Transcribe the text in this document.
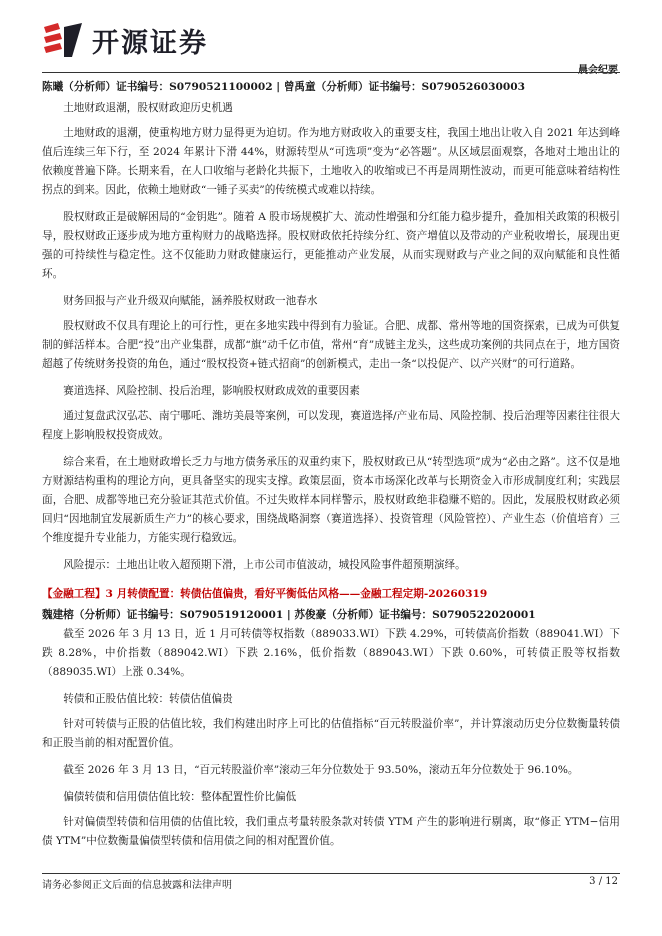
开源证券
晨会纪要

陈曦（分析师）证书编号：S0790521100002 | 曾禹童（分析师）证书编号：S0790526030003

土地财政退潮，股权财政迎历史机遇

土地财政的退潮，使重构地方财力显得更为迫切。作为地方财政收入的重要支柱，我国土地出让收入自 2021 年达到峰值后连续三年下行，至 2024 年累计下滑 44%，财源转型从“可选项”变为“必答题”。从区域层面观察，各地对土地出让的依赖度普遍下降。长期来看，在人口收缩与老龄化共振下，土地收入的收缩或已不再是周期性波动，而更可能意味着结构性拐点的到来。因此，依赖土地财政“一锤子买卖”的传统模式或难以持续。

股权财政正是破解困局的“金钥匙”。随着 A 股市场规模扩大、流动性增强和分红能力稳步提升，叠加相关政策的积极引导，股权财政正逐步成为地方重构财力的战略选择。股权财政依托持续分红、资产增值以及带动的产业税收增长，展现出更强的可持续性与稳定性。这不仅能助力财政健康运行，更能推动产业发展，从而实现财政与产业之间的双向赋能和良性循环。

财务回报与产业升级双向赋能，涵养股权财政一池春水

股权财政不仅具有理论上的可行性，更在多地实践中得到有力验证。合肥、成都、常州等地的国资探索，已成为可供复制的鲜活样本。合肥“投”出产业集群，成都“旗”动千亿市值，常州“育”成链主龙头，这些成功案例的共同点在于，地方国资超越了传统财务投资的角色，通过“股权投资+链式招商”的创新模式，走出一条“以投促产、以产兴财”的可行道路。

赛道选择、风险控制、投后治理，影响股权财政成效的重要因素

通过复盘武汉弘芯、南宁哪吒、潍坊美晨等案例，可以发现，赛道选择/产业布局、风险控制、投后治理等因素往往很大程度上影响股权投资成效。

综合来看，在土地财政增长乏力与地方债务承压的双重约束下，股权财政已从“转型选项”成为“必由之路”。这不仅是地方财源结构重构的理论方向，更具备坚实的现实支撑。政策层面，资本市场深化改革与长期资金入市形成制度红利；实践层面，合肥、成都等地已充分验证其范式价值。不过失败样本同样警示，股权财政绝非稳赚不赔的。因此，发展股权财政必须回归“因地制宜发展新质生产力”的核心要求，围绕战略洞察（赛道选择）、投资管理（风险管控）、产业生态（价值培育）三个维度提升专业能力，方能实现行稳致远。

风险提示：土地出让收入超预期下滑，上市公司市值波动，城投风险事件超预期演绎。

【金融工程】3 月转债配置：转债估值偏贵，看好平衡低估风格——金融工程定期-20260319

魏建榕（分析师）证书编号：S0790519120001 | 苏俊豪（分析师）证书编号：S0790522020001

截至 2026 年 3 月 13 日，近 1 月可转债等权指数（889033.WI）下跌 4.29%，可转债高价指数（889041.WI）下跌 8.28%，中价指数（889042.WI）下跌 2.16%，低价指数（889043.WI）下跌 0.60%，可转债正股等权指数（889035.WI）上涨 0.34%。

转债和正股估值比较：转债估值偏贵

针对可转债与正股的估值比较，我们构建出时序上可比的估值指标“百元转股溢价率”，并计算滚动历史分位数衡量转债和正股当前的相对配置价值。

截至 2026 年 3 月 13 日，“百元转股溢价率”滚动三年分位数处于 93.50%，滚动五年分位数处于 96.10%。

偏债转债和信用债估值比较：整体配置性价比偏低

针对偏债型转债和信用债的估值比较，我们重点考量转股条款对转债 YTM 产生的影响进行剔离，取“修正 YTM−信用债 YTM”中位数衡量偏债型转债和信用债之间的相对配置价值。

请务必参阅正文后面的信息披露和法律声明	3 / 12
